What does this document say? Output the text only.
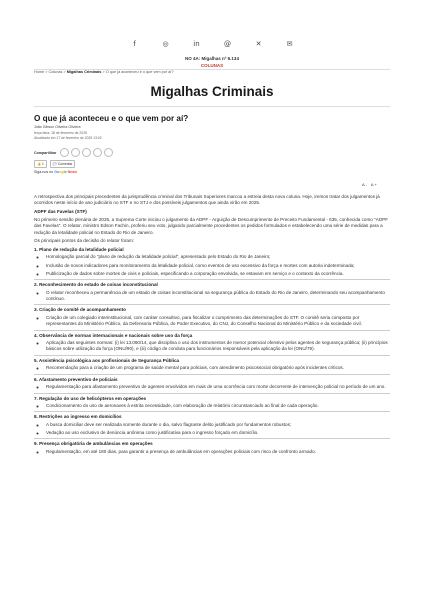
f	◎	in	@	✕	✉
NO 4A: Migalhas nº 6.134
COLUNAS
Home > Colunas > Migalhas Criminais > O que já aconteceu e o que vem por aí?
Migalhas Criminais
O que já aconteceu e o que vem por aí?
João Gibson Oliveira Oliveira
terça-feira, 18 de fevereiro de 2025
Atualizado em 17 de fevereiro de 2025 13:02
Compartilhar
👍 1	💬 Comentar
Siga-nos no Google News
A - A +

A retrospectiva dos principais precedentes da jurisprudência criminal dos Tribunais Superiores marcou a estreia desta nova coluna. Hoje, iremos tratar dos julgamentos já ocorridos neste início de ano judiciário no STF e no STJ e dos possíveis julgamentos que ainda virão em 2025.

ADPF das Favelas (STF)

No primeiro sessão plenária de 2025, a Suprema Corte iniciou o julgamento da ADPF - Arguição de Descumprimento de Preceito Fundamental - 635, conhecida como "ADPF das Favelas". O relator, ministro Edson Fachin, proferiu seu voto, julgando parcialmente procedentes os pedidos formulados e estabelecendo uma série de medidas para a redução da letalidade policial no Estado do Rio de Janeiro.

Os principais pontos da decisão do relator foram:

1. Plano de redução da letalidade policial
◦ Homologação parcial do "plano de redução da letalidade policial", apresentado pelo Estado do Rio de Janeiro;
◦ Inclusão de novos indicadores para monitoramento da letalidade policial, como eventos de uso excessivo da força e mortes com autoria indeterminada;
◦ Publicização de dados sobre mortes de civis e policiais, especificando a corporação envolvida, se estavam em serviço e o contexto da ocorrência.
2. Reconhecimento do estado de coisas inconstitucional
◦ O relator reconheceu a permanência de um estado de coisas inconstitucional na segurança pública do Estado do Rio de Janeiro, determinando seu acompanhamento contínuo.
3. Criação de comitê de acompanhamento
◦ Criação de um colegiado interinstitucional, com caráter consultivo, para fiscalizar o cumprimento das determinações do STF. O comitê seria composto por representantes do Ministério Público, da Defensoria Pública, do Poder Executivo, do CNJ, do Conselho Nacional do Ministério Público e da sociedade civil.
4. Observância de normas internacionais e nacionais sobre uso da força
◦ Aplicação das seguintes normas: (i) lei 13.060/14, que disciplina o uso dos instrumentos de menor potencial ofensivo pelos agentes de segurança pública; (ii) princípios básicos sobre utilização da força (ONU/90), e (iii) código de conduta para funcionários responsáveis pela aplicação da lei (ONU/79).
5. Assistência psicológica aos profissionais de Segurança Pública
◦ Recomendação para a criação de um programa de saúde mental para policiais, com atendimento psicossocial obrigatório após incidentes críticos.
6. Afastamento preventivo de policiais
◦ Regulamentação para afastamento preventivo de agentes envolvidos em mais de uma ocorrência com morte decorrente de intervenção policial no período de um ano.
7. Regulação do uso de helicópteros em operações
◦ Condicionamento do uso de aeronaves à estrita necessidade, com elaboração de relatório circunstanciado ao final de cada operação.
8. Restrições ao ingresso em domicílios
◦ A busca domiciliar deve ser realizada somente durante o dia, salvo flagrante delito justificado por fundamentos robustos;
◦ Vedação ao uso exclusivo de denúncia anônima como justificativa para o ingresso forçado em domicílio.
9. Presença obrigatória de ambulâncias em operações
◦ Regulamentação, em até 180 dias, para garantir a presença de ambulâncias em operações policiais com risco de confronto armado.
